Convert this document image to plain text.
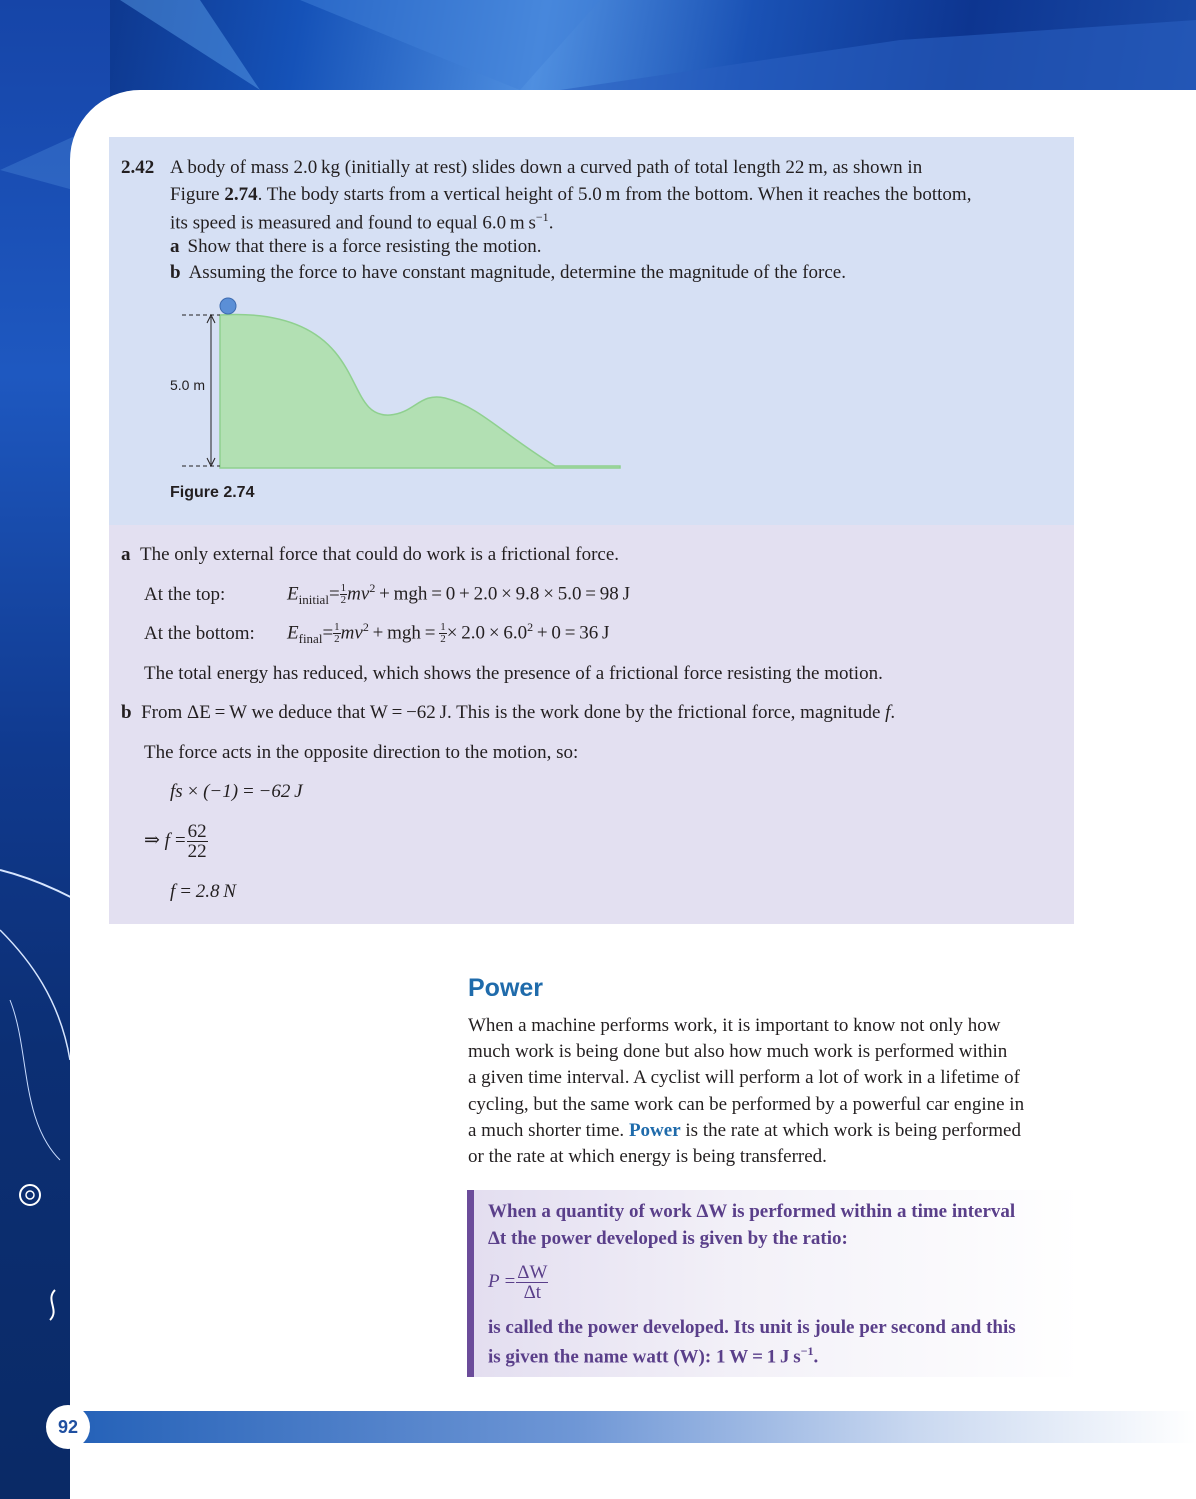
2.42 A body of mass 2.0 kg (initially at rest) slides down a curved path of total length 22 m, as shown in
Figure 2.74. The body starts from a vertical height of 5.0 m from the bottom. When it reaches the bottom,
its speed is measured and found to equal 6.0 m $s^{-1}$.
a Show that there is a force resisting the motion.
b Assuming the force to have constant magnitude, determine the magnitude of the force.
5.0 m
Figure 2.74
a The only external force that could do work is a frictional force.
At the top:	$E_{initial}= \frac{1}{2} mv^2$ + mgh = 0 + 2.0 × 9.8 × 5.0 = 98 J
At the bottom: $E_{final}= \frac{1}{2} mv^2$ + mgh =  $\frac{1}{2} \times 2.0 \times 6.0^2 + 0 = 36$ J
The total energy has reduced, which shows the presence of a frictional force resisting the motion.
b From ΔE = W we deduce that W = −62 J. This is the work done by the frictional force, magnitude f.
The force acts in the opposite direction to the motion, so:
fs × (−1) = −62 J
⇒ $f = \frac{62}{22}$
f = 2.8 N
Power
When a machine performs work, it is important to know not only how
much work is being done but also how much work is performed within
a given time interval. A cyclist will perform a lot of work in a lifetime of
cycling, but the same work can be performed by a powerful car engine in
a much shorter time. Power is the rate at which work is being performed
or the rate at which energy is being transferred.
When a quantity of work ΔW is performed within a time interval
Δt the power developed is given by the ratio:
$P = \frac{\Delta W}{\Delta t}$
is called the power developed. Its unit is joule per second and this
is given the name watt (W): 1 W = 1 J $s^{-1}$.
92
